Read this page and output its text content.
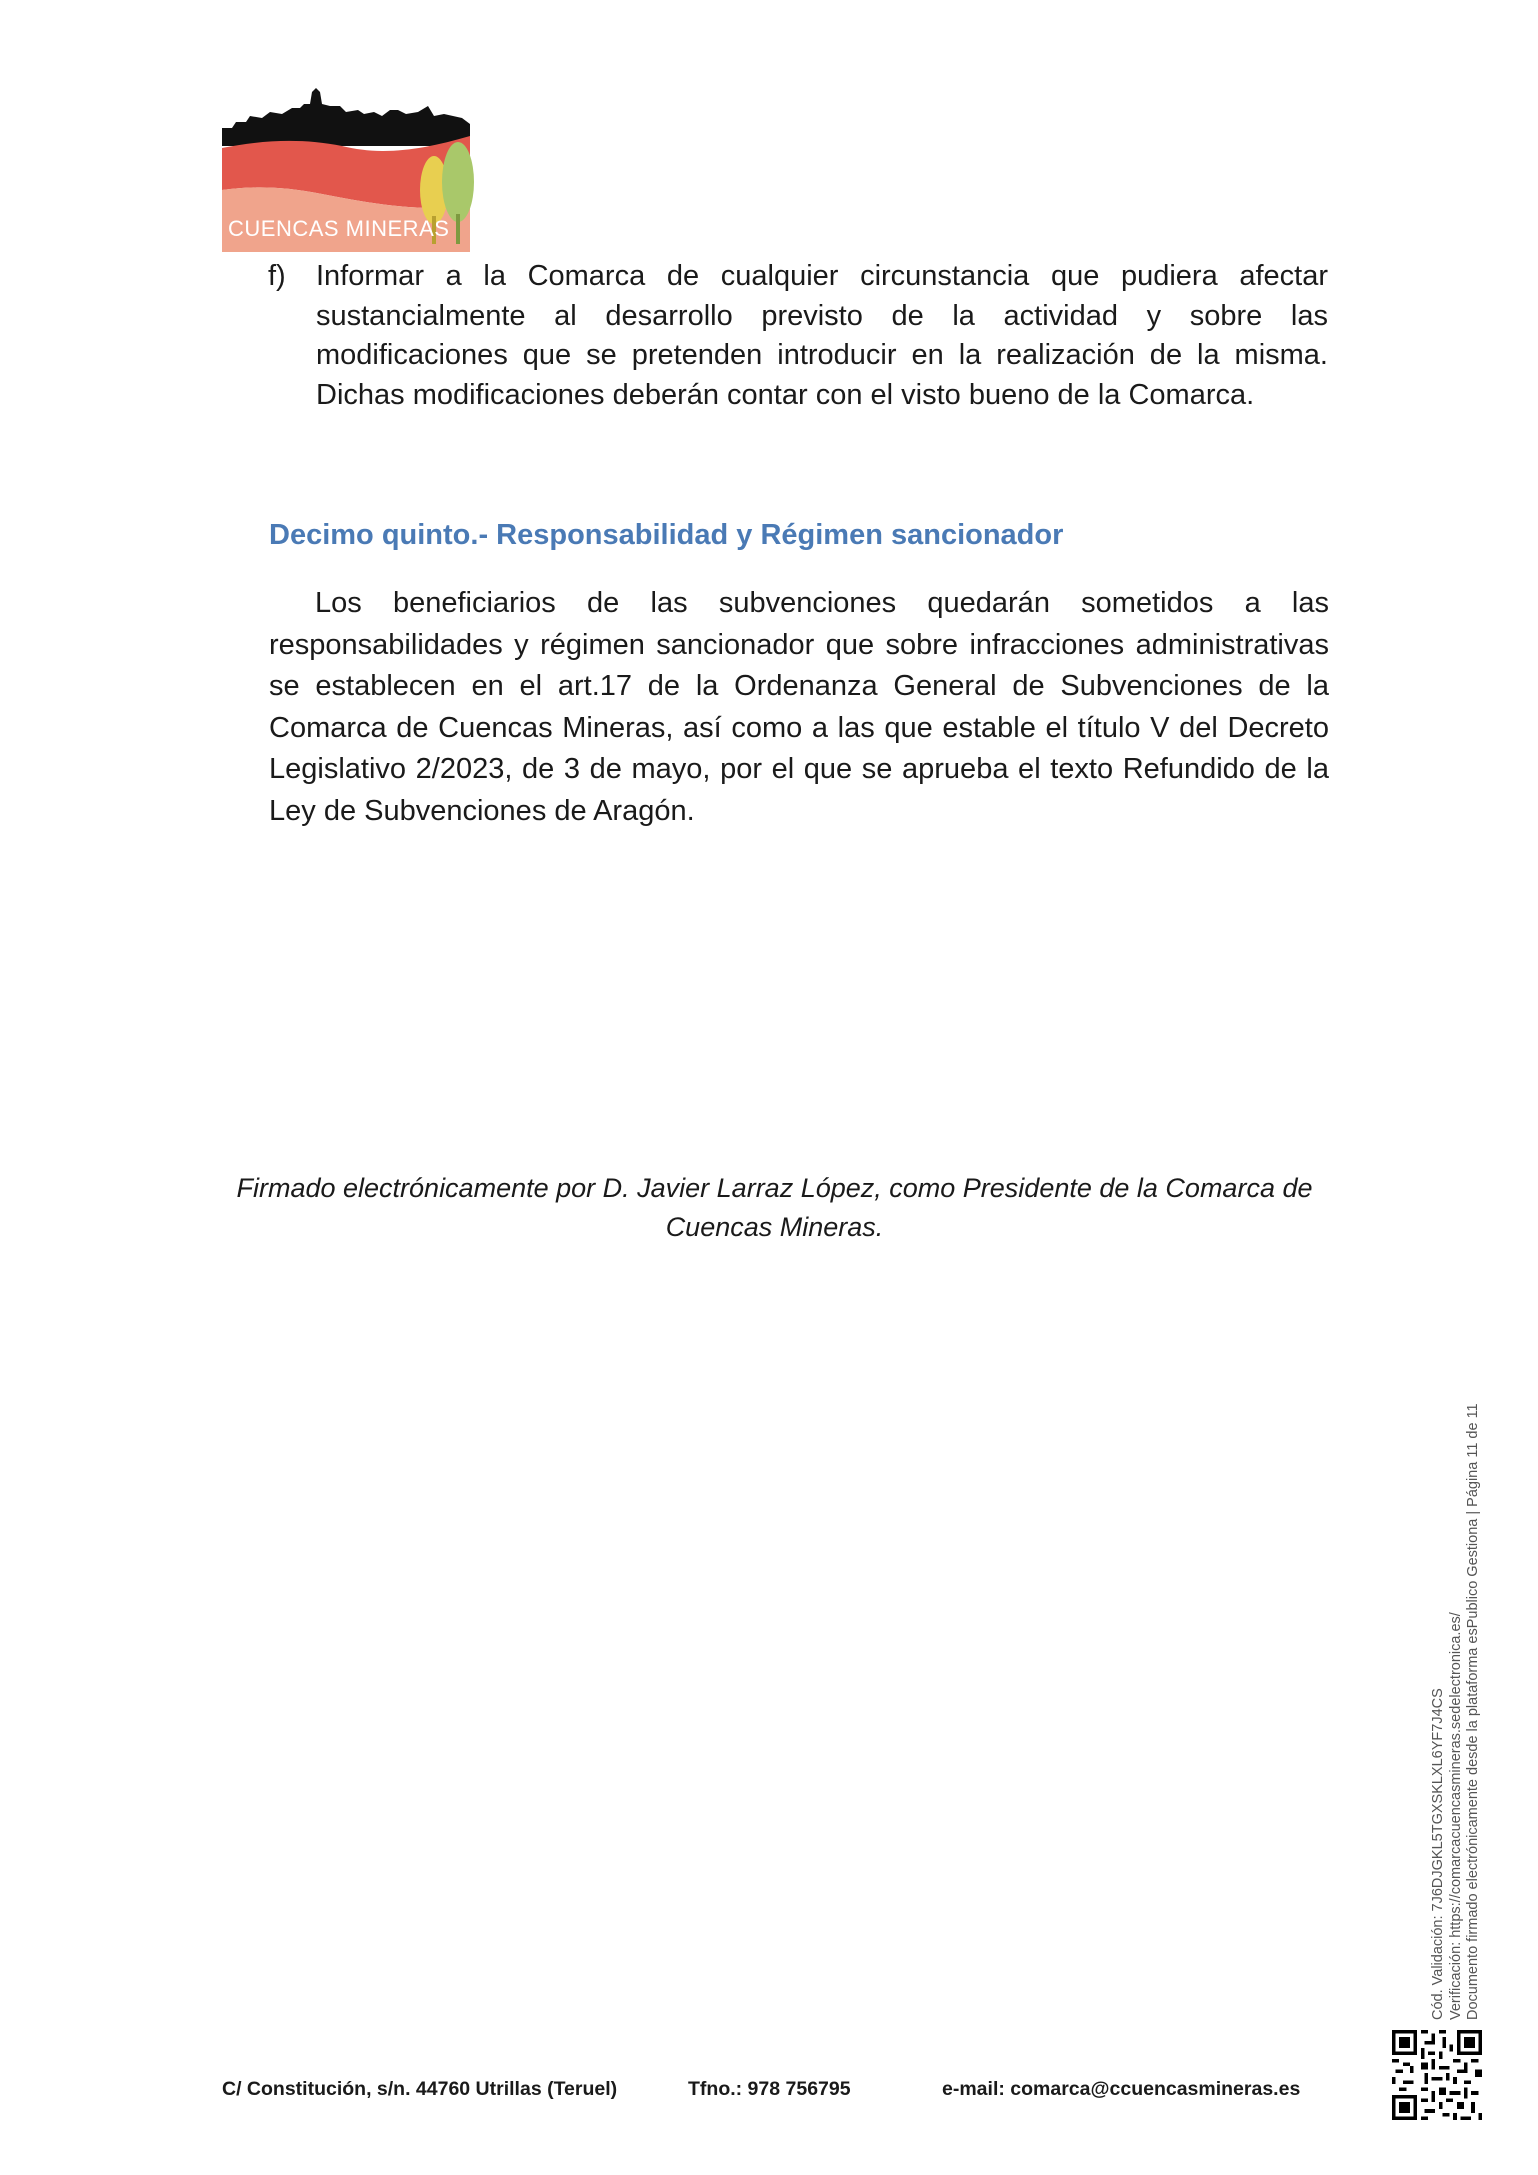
CUENCAS MINERAS
f) Informar a la Comarca de cualquier circunstancia que pudiera afectar sustancialmente al desarrollo previsto de la actividad y sobre las modificaciones que se pretenden introducir en la realización de la misma. Dichas modificaciones deberán contar con el visto bueno de la Comarca.
Decimo quinto.- Responsabilidad y Régimen sancionador

Los beneficiarios de las subvenciones quedarán sometidos a las responsabilidades y régimen sancionador que sobre infracciones administrativas se establecen en el art.17 de la Ordenanza General de Subvenciones de la Comarca de Cuencas Mineras, así como a las que estable el título V del Decreto Legislativo 2/2023, de 3 de mayo, por el que se aprueba el texto Refundido de la Ley de Subvenciones de Aragón.

Firmado electrónicamente por D. Javier Larraz López, como Presidente de la Comarca de Cuencas Mineras.
Cód. Validación: 7J6DJGKL5TGXSKLXL6YF7J4CS Verificación: https://comarcacuencasmineras.sedelectronica.es/ Documento firmado electrónicamente desde la plataforma esPublico Gestiona | Página 11 de 11
C/ Constitución, s/n. 44760 Utrillas (Teruel)	Tfno.: 978 756795	e-mail: comarca@ccuencasmineras.es
